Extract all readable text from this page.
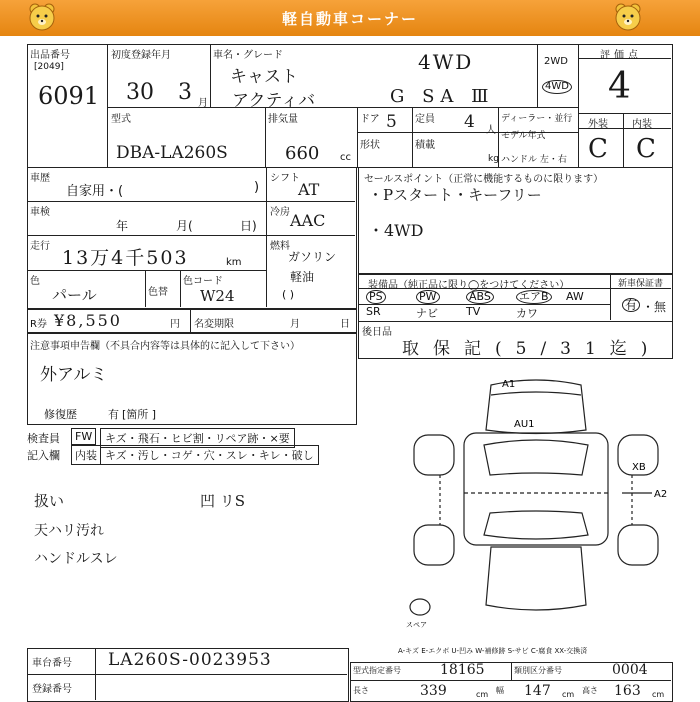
軽自動車コーナー
出品番号
[2049]
6091
初度登録年月
30 3 月
車名・グレード
キャスト
アクティバ	G SA Ⅲ
4WD	2WD
4WD
評価点
4
型式
DBA-LA260S
排気量
660 cc
ドア 5 定員 4 人
形状	積載
kg
ディーラー・並行
モデル年式
ハンドル 左・右
外装 内装
C C
車歴
自家用・(	)
シフト
AT
車検
年	月(	日)
冷房 AAC
走行
13万4千503	km
燃料
ガソリン
軽油
( )
色
パール	色替
色コード
W24
R券 ¥8,550	円 名変期限	月	日
注意事項申告欄（不具合内容等は具体的に記入して下さい）
外アルミ
修復歴	有 [箇所 ]
セールスポイント（正常に機能するものに限ります）
・Pスタート・キーフリー
・4WD
装備品（純正品に限り◯をつけてください）	新車保証書
PS	PW	ABS	エアB AW
SR	ナビ	TV	カワ
有 ・無
後日品
取保記(5/31迄)
検査員	FW	キズ・飛石・ヒビ割・リペア跡・×要
記入欄	内装 キズ・汚し・コゲ・穴・スレ・キレ・破し
扱い
天ハリ汚れ
ハンドルスレ
凹 リS
A1
AU1
XB
A2
スペア
A-キズ E-エクボ U-凹み W-補修跡 S-サビ C-腐食 XX-交換済
車台番号 LA260S-0023953
登録番号
型式指定番号	18165	類別区分番号	0004
長さ	339	cm 幅 147 cm 高さ 163 cm
